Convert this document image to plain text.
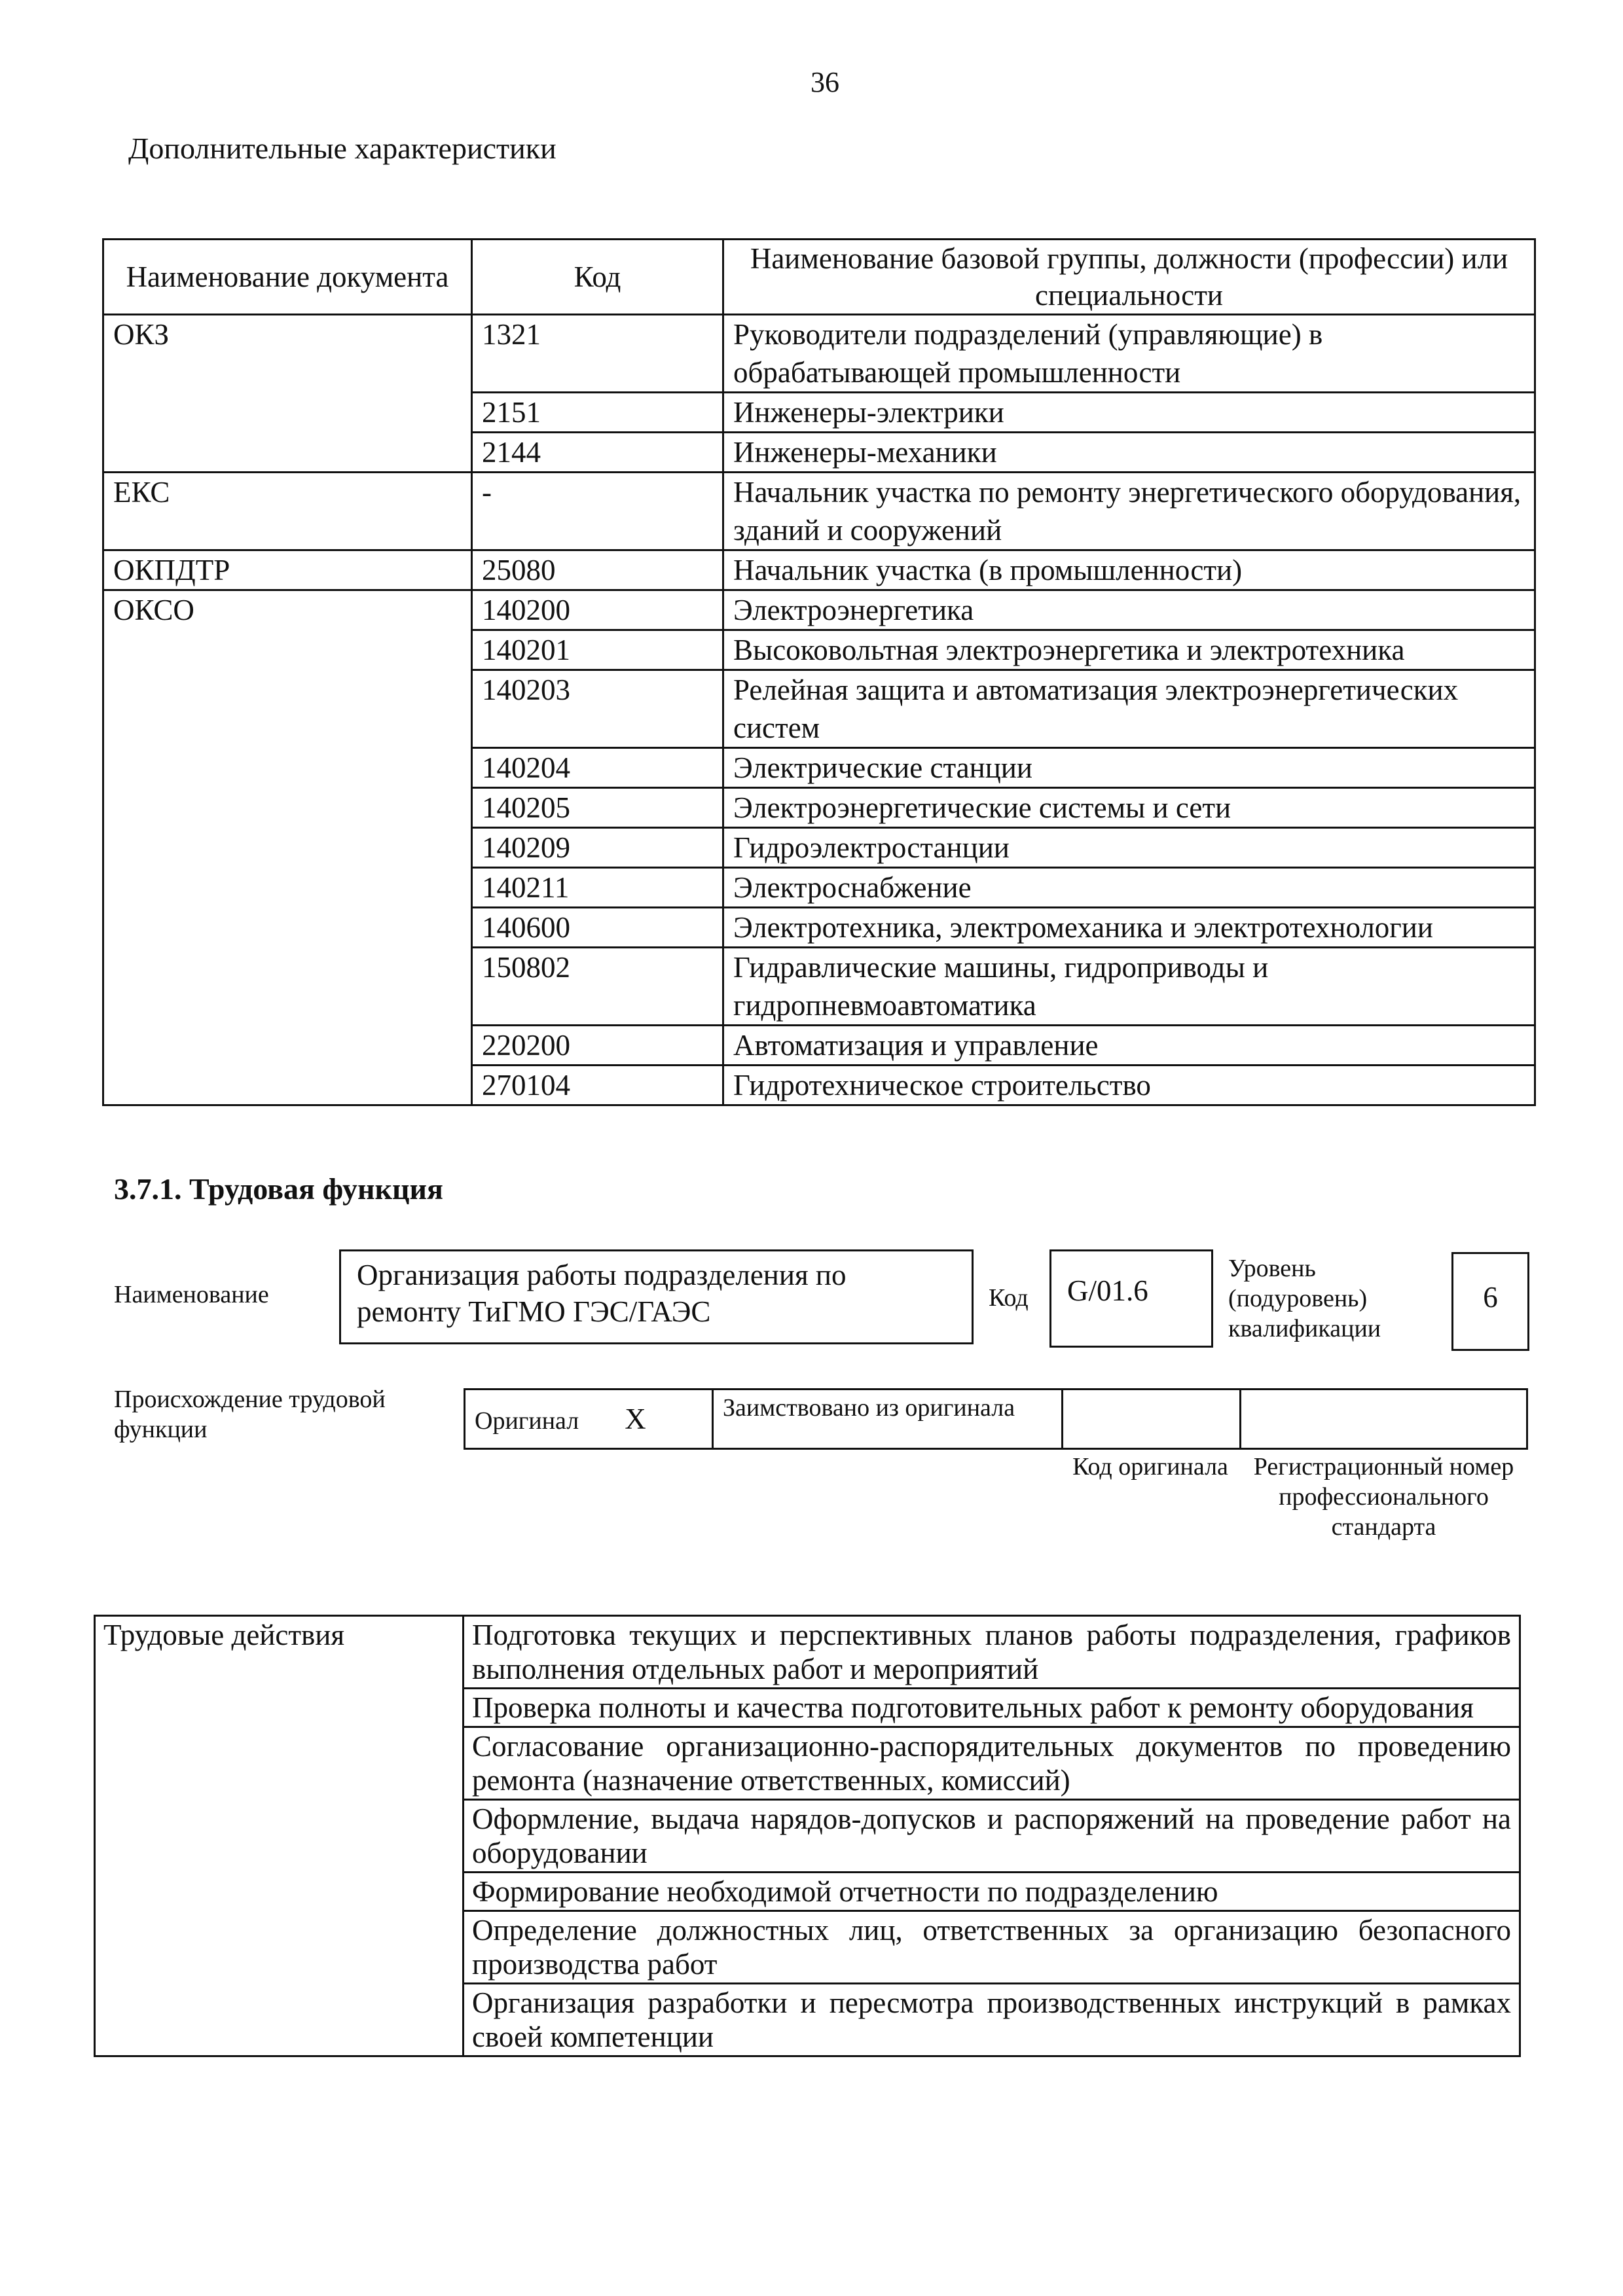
36
Дополнительные характеристики
Наименование документа	Код	Наименование базовой группы, должности (профессии) или специальности
ОКЗ	1321	Руководители подразделений (управляющие) в обрабатывающей промышленности
	2151	Инженеры-электрики
	2144	Инженеры-механики
ЕКС	-	Начальник участка по ремонту энергетического оборудования, зданий и сооружений
ОКПДТР	25080	Начальник участка (в промышленности)
ОКСО	140200	Электроэнергетика
	140201	Высоковольтная электроэнергетика и электротехника
	140203	Релейная защита и автоматизация электроэнергетических систем
	140204	Электрические станции
	140205	Электроэнергетические системы и сети
	140209	Гидроэлектростанции
	140211	Электроснабжение
	140600	Электротехника, электромеханика и электротехнологии
	150802	Гидравлические машины, гидроприводы и гидропневмоавтоматика
	220200	Автоматизация и управление
	270104	Гидротехническое строительство
3.7.1. Трудовая функция
Наименование
Организация работы подразделения по ремонту ТиГМО ГЭС/ГАЭС	Код	G/01.6
Уровень (подуровень) квалификации
6
Происхождение трудовой функции	Оригинал X	Заимствовано из оригинала		
Код оригинала	Регистрационный номер профессионального стандарта
Трудовые действия	Подготовка текущих и перспективных планов работы подразделения, графиков выполнения отдельных работ и мероприятий
Проверка полноты и качества подготовительных работ к ремонту оборудования
Согласование организационно-распорядительных документов по проведению ремонта (назначение ответственных, комиссий)
Оформление, выдача нарядов-допусков и распоряжений на проведение работ на оборудовании
Формирование необходимой отчетности по подразделению
Определение должностных лиц, ответственных за организацию безопасного производства работ
Организация разработки и пересмотра производственных инструкций в рамках своей компетенции
